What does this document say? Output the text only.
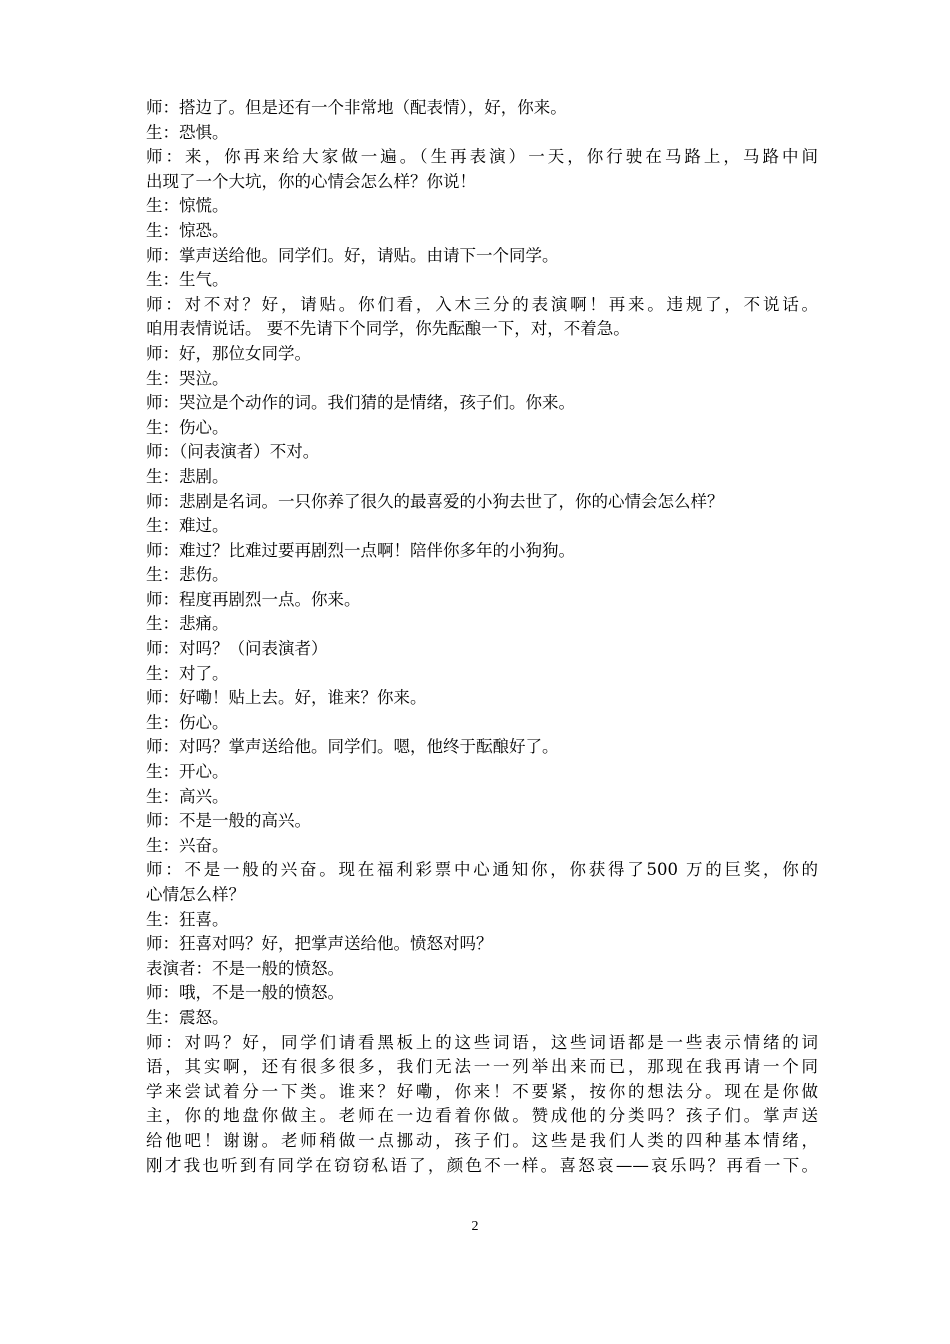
师：搭边了。但是还有一个非常地（配表情），好，你来。
生：恐惧。
师：来，你再来给大家做一遍。（生再表演）一天，你行驶在马路上，马路中间
出现了一个大坑，你的心情会怎么样？你说！
生：惊慌。
生：惊恐。
师：掌声送给他。同学们。好，请贴。由请下一个同学。
生：生气。
师：对不对？好，请贴。你们看，入木三分的表演啊！再来。违规了，不说话。
咱用表情说话。 要不先请下个同学，你先酝酿一下，对，不着急。
师：好，那位女同学。
生：哭泣。
师：哭泣是个动作的词。我们猜的是情绪，孩子们。你来。
生：伤心。
师：（问表演者）不对。
生：悲剧。
师：悲剧是名词。一只你养了很久的最喜爱的小狗去世了，你的心情会怎么样？
生：难过。
师：难过？比难过要再剧烈一点啊！陪伴你多年的小狗狗。
生：悲伤。
师：程度再剧烈一点。你来。
生：悲痛。
师：对吗？（问表演者）
生：对了。
师：好嘞！贴上去。好，谁来？你来。
生：伤心。
师：对吗？掌声送给他。同学们。嗯，他终于酝酿好了。
生：开心。
生：高兴。
师：不是一般的高兴。
生：兴奋。
师：不是一般的兴奋。现在福利彩票中心通知你，你获得了500 万的巨奖，你的
心情怎么样？
生：狂喜。
师：狂喜对吗？好，把掌声送给他。愤怒对吗？
表演者：不是一般的愤怒。
师：哦，不是一般的愤怒。
生：震怒。
师：对吗？好，同学们请看黑板上的这些词语，这些词语都是一些表示情绪的词
语，其实啊，还有很多很多，我们无法一一列举出来而已，那现在我再请一个同
学来尝试着分一下类。谁来？好嘞，你来！不要紧，按你的想法分。现在是你做
主，你的地盘你做主。老师在一边看着你做。赞成他的分类吗？孩子们。掌声送
给他吧！谢谢。老师稍做一点挪动，孩子们。这些是我们人类的四种基本情绪，
刚才我也听到有同学在窃窃私语了，颜色不一样。喜怒哀——哀乐吗？再看一下。
2
